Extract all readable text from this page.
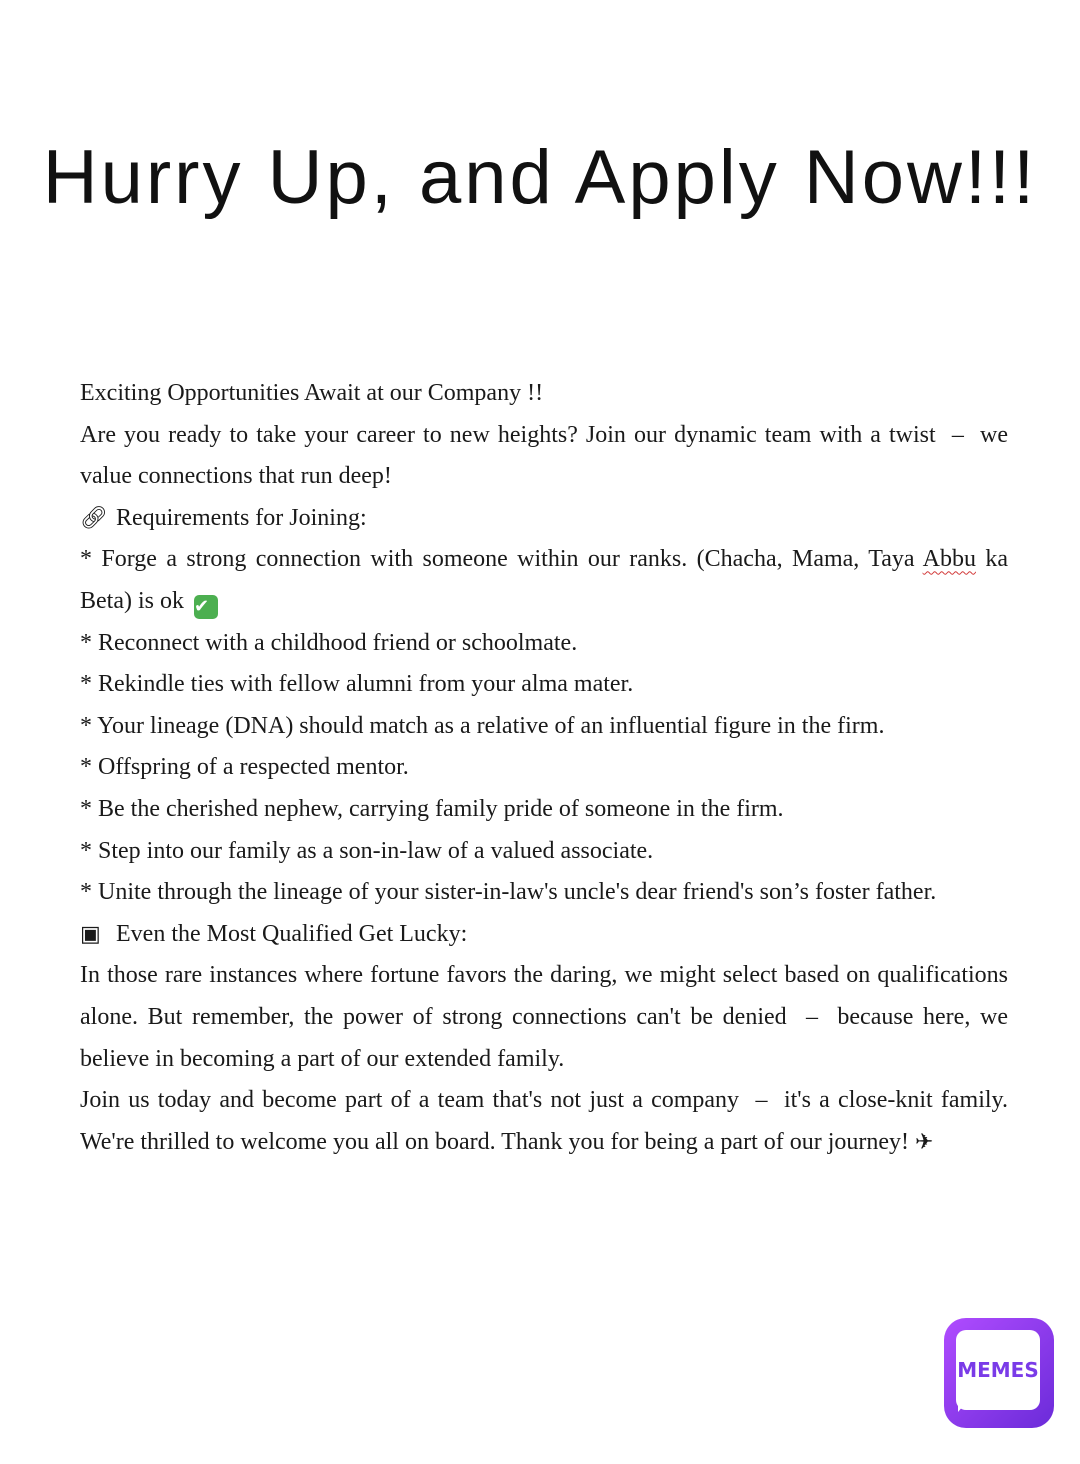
Hurry Up, and Apply Now!!!

Exciting Opportunities Await at our Company !!

Are you ready to take your career to new heights? Join our dynamic team with a twist  –  we value connections that run deep!

🔗︎ Requirements for Joining:

* Forge a strong connection with someone within our ranks. (Chacha, Mama, Taya Abbu ka Beta) is ok ✔

* Reconnect with a childhood friend or schoolmate.

* Rekindle ties with fellow alumni from your alma mater.

* Your lineage (DNA) should match as a relative of an influential figure in the firm.

* Offspring of a respected mentor.

* Be the cherished nephew, carrying family pride of someone in the firm.

* Step into our family as a son-in-law of a valued associate.

* Unite through the lineage of your sister-in-law's uncle's dear friend's son’s foster father.

▣ Even the Most Qualified Get Lucky:

In those rare instances where fortune favors the daring, we might select based on qualifications alone. But remember, the power of strong connections can't be denied  –  because here, we believe in becoming a part of our extended family.

Join us today and become part of a team that's not just a company  –  it's a close-knit family. We're thrilled to welcome you all on board. Thank you for being a part of our journey! ✈

MEMES
